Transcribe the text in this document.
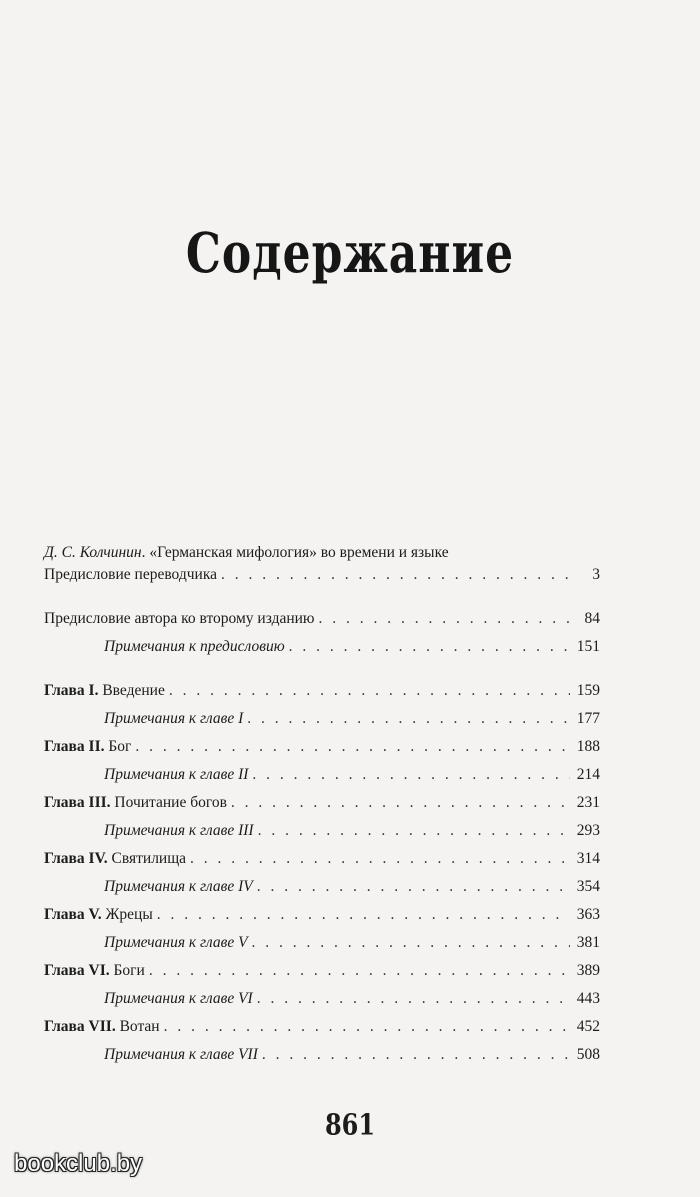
Содержание
Д. С. Колчинин. «Германская мифология» во времени и языке
Предисловие переводчика . . .	3
Предисловие автора ко второму изданию . . .	84
Примечания к предисловию . . .	151
Глава I. Введение . . .	159
Примечания к главе I . . .	177
Глава II. Бог . . .	188
Примечания к главе II . . .	214
Глава III. Почитание богов . . .	231
Примечания к главе III . . .	293
Глава IV. Святилища . . .	314
Примечания к главе IV . . .	354
Глава V. Жрецы . . .	363
Примечания к главе V . . .	381
Глава VI. Боги . . .	389
Примечания к главе VI . . .	443
Глава VII. Вотан . . .	452
Примечания к главе VII . . .	508
861
bookclub.by
